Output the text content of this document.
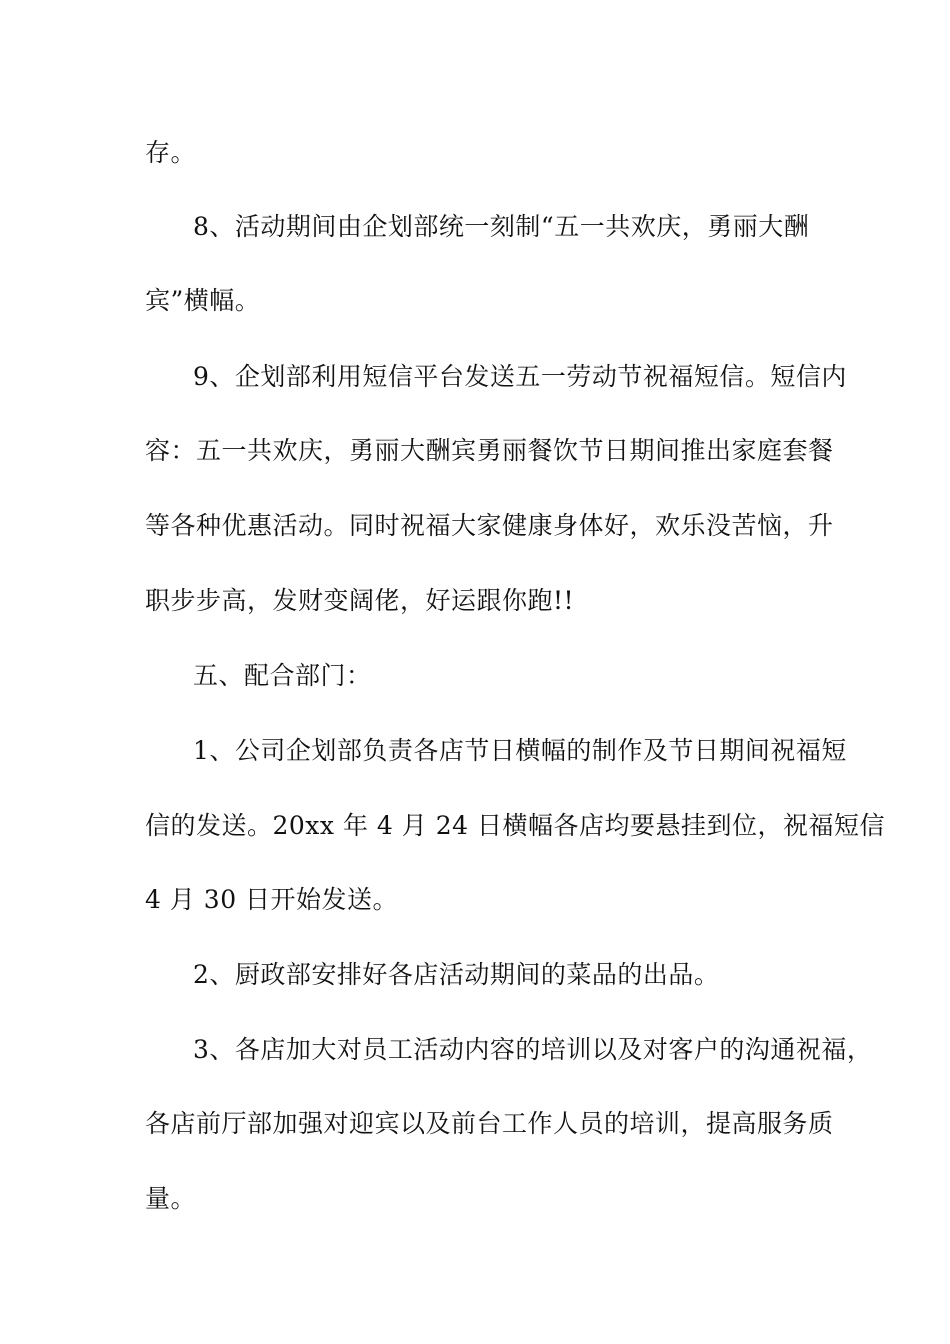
存。
8、活动期间由企划部统一刻制“五一共欢庆，勇丽大酬
宾”横幅。
9、企划部利用短信平台发送五一劳动节祝福短信。短信内
容：五一共欢庆，勇丽大酬宾勇丽餐饮节日期间推出家庭套餐
等各种优惠活动。同时祝福大家健康身体好，欢乐没苦恼，升
职步步高，发财变阔佬，好运跟你跑!!
五、配合部门：
1、公司企划部负责各店节日横幅的制作及节日期间祝福短
信的发送。20xx 年 4 月 24 日横幅各店均要悬挂到位，祝福短信
4 月 30 日开始发送。
2、厨政部安排好各店活动期间的菜品的出品。
3、各店加大对员工活动内容的培训以及对客户的沟通祝福，
各店前厅部加强对迎宾以及前台工作人员的培训，提高服务质
量。
